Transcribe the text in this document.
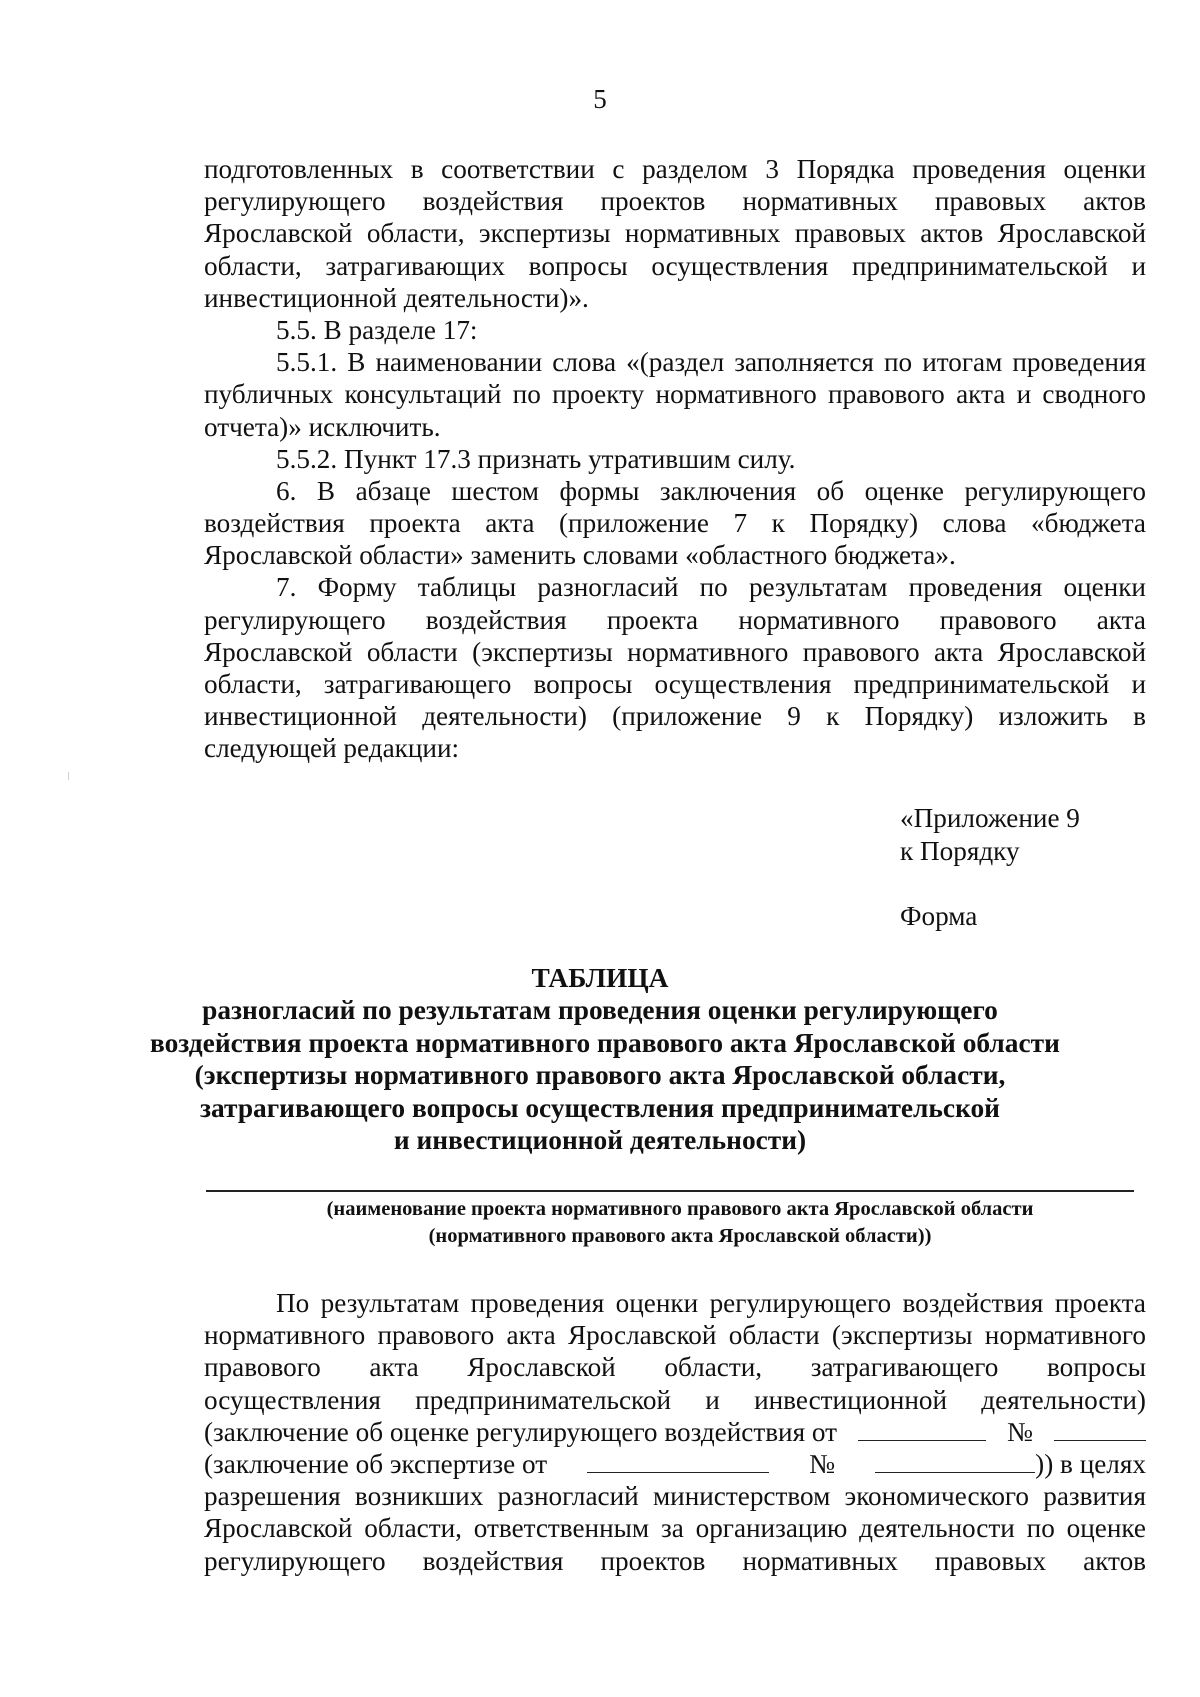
5
подготовленных в соответствии с разделом 3 Порядка проведения оценки
регулирующего воздействия проектов нормативных правовых актов
Ярославской области, экспертизы нормативных правовых актов Ярославской
области, затрагивающих вопросы осуществления предпринимательской и
инвестиционной деятельности)».
5.5. В разделе 17:
5.5.1. В наименовании слова «(раздел заполняется по итогам проведения
публичных консультаций по проекту нормативного правового акта и сводного
отчета)» исключить.
5.5.2. Пункт 17.3 признать утратившим силу.
6. В абзаце шестом формы заключения об оценке регулирующего
воздействия проекта акта (приложение 7 к Порядку) слова «бюджета
Ярославской области» заменить словами «областного бюджета».
7. Форму таблицы разногласий по результатам проведения оценки
регулирующего воздействия проекта нормативного правового акта
Ярославской области (экспертизы нормативного правового акта Ярославской
области, затрагивающего вопросы осуществления предпринимательской и
инвестиционной деятельности) (приложение 9 к Порядку) изложить в
следующей редакции:
«Приложение 9
к Порядку
Форма
ТАБЛИЦА
разногласий по результатам проведения оценки регулирующего
воздействия проекта нормативного правового акта Ярославской области
(экспертизы нормативного правового акта Ярославской области,
затрагивающего вопросы осуществления предпринимательской
и инвестиционной деятельности)
(наименование проекта нормативного правового акта Ярославской области
(нормативного правового акта Ярославской области))
По результатам проведения оценки регулирующего воздействия проекта
нормативного правового акта Ярославской области (экспертизы нормативного
правового акта Ярославской области, затрагивающего вопросы
осуществления предпринимательской и инвестиционной деятельности)
(заключение об оценке регулирующего воздействия от	№
(заключение об экспертизе от	№	)) в целях
разрешения возникших разногласий министерством экономического развития
Ярославской области, ответственным за организацию деятельности по оценке
регулирующего воздействия проектов нормативных правовых актов
